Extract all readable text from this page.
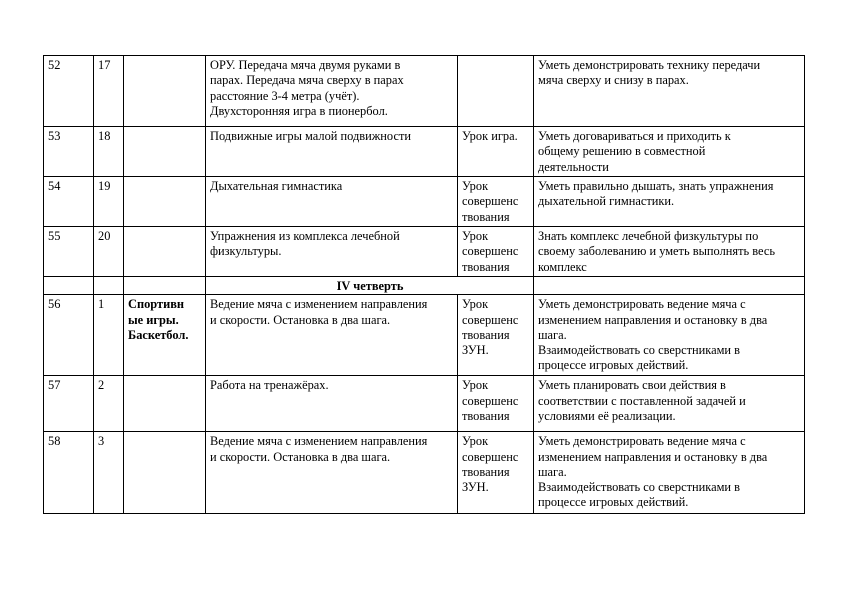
52	17		ОРУ. Передача мяча двумя руками в
парах. Передача мяча сверху в парах
расстояние 3-4 метра (учёт).
Двухсторонняя игра в пионербол.		Уметь демонстрировать технику передачи
мяча сверху и снизу в парах.

53	18		Подвижные игры малой подвижности	Урок игра.	Уметь договариваться и приходить к
общему решению в совместной
деятельности

54	19		Дыхательная гимнастика	Урок
совершенс
твования	Уметь правильно дышать, знать упражнения
дыхательной гимнастики.

55	20		Упражнения из комплекса лечебной
физкультуры.	Урок
совершенс
твования	Знать комплекс лечебной физкультуры по
своему заболеванию и уметь выполнять весь
комплекс

			IV четверть		
56	1	Спортивн
ые игры.
Баскетбол.	Ведение мяча с изменением направления
и скорости. Остановка в два шага.	Урок
совершенс
твования
ЗУН.	Уметь демонстрировать ведение мяча с
изменением направления и остановку в два
шага.
Взаимодействовать со сверстниками в
процессе игровых действий.

57	2		Работа на тренажёрах.	Урок
совершенс
твования	Уметь планировать свои действия в
соответствии с поставленной задачей и
условиями её реализации.

58	3		Ведение мяча с изменением направления
и скорости. Остановка в два шага.	Урок
совершенс
твования
ЗУН.	Уметь демонстрировать ведение мяча с
изменением направления и остановку в два
шага.
Взаимодействовать со сверстниками в
процессе игровых действий.
